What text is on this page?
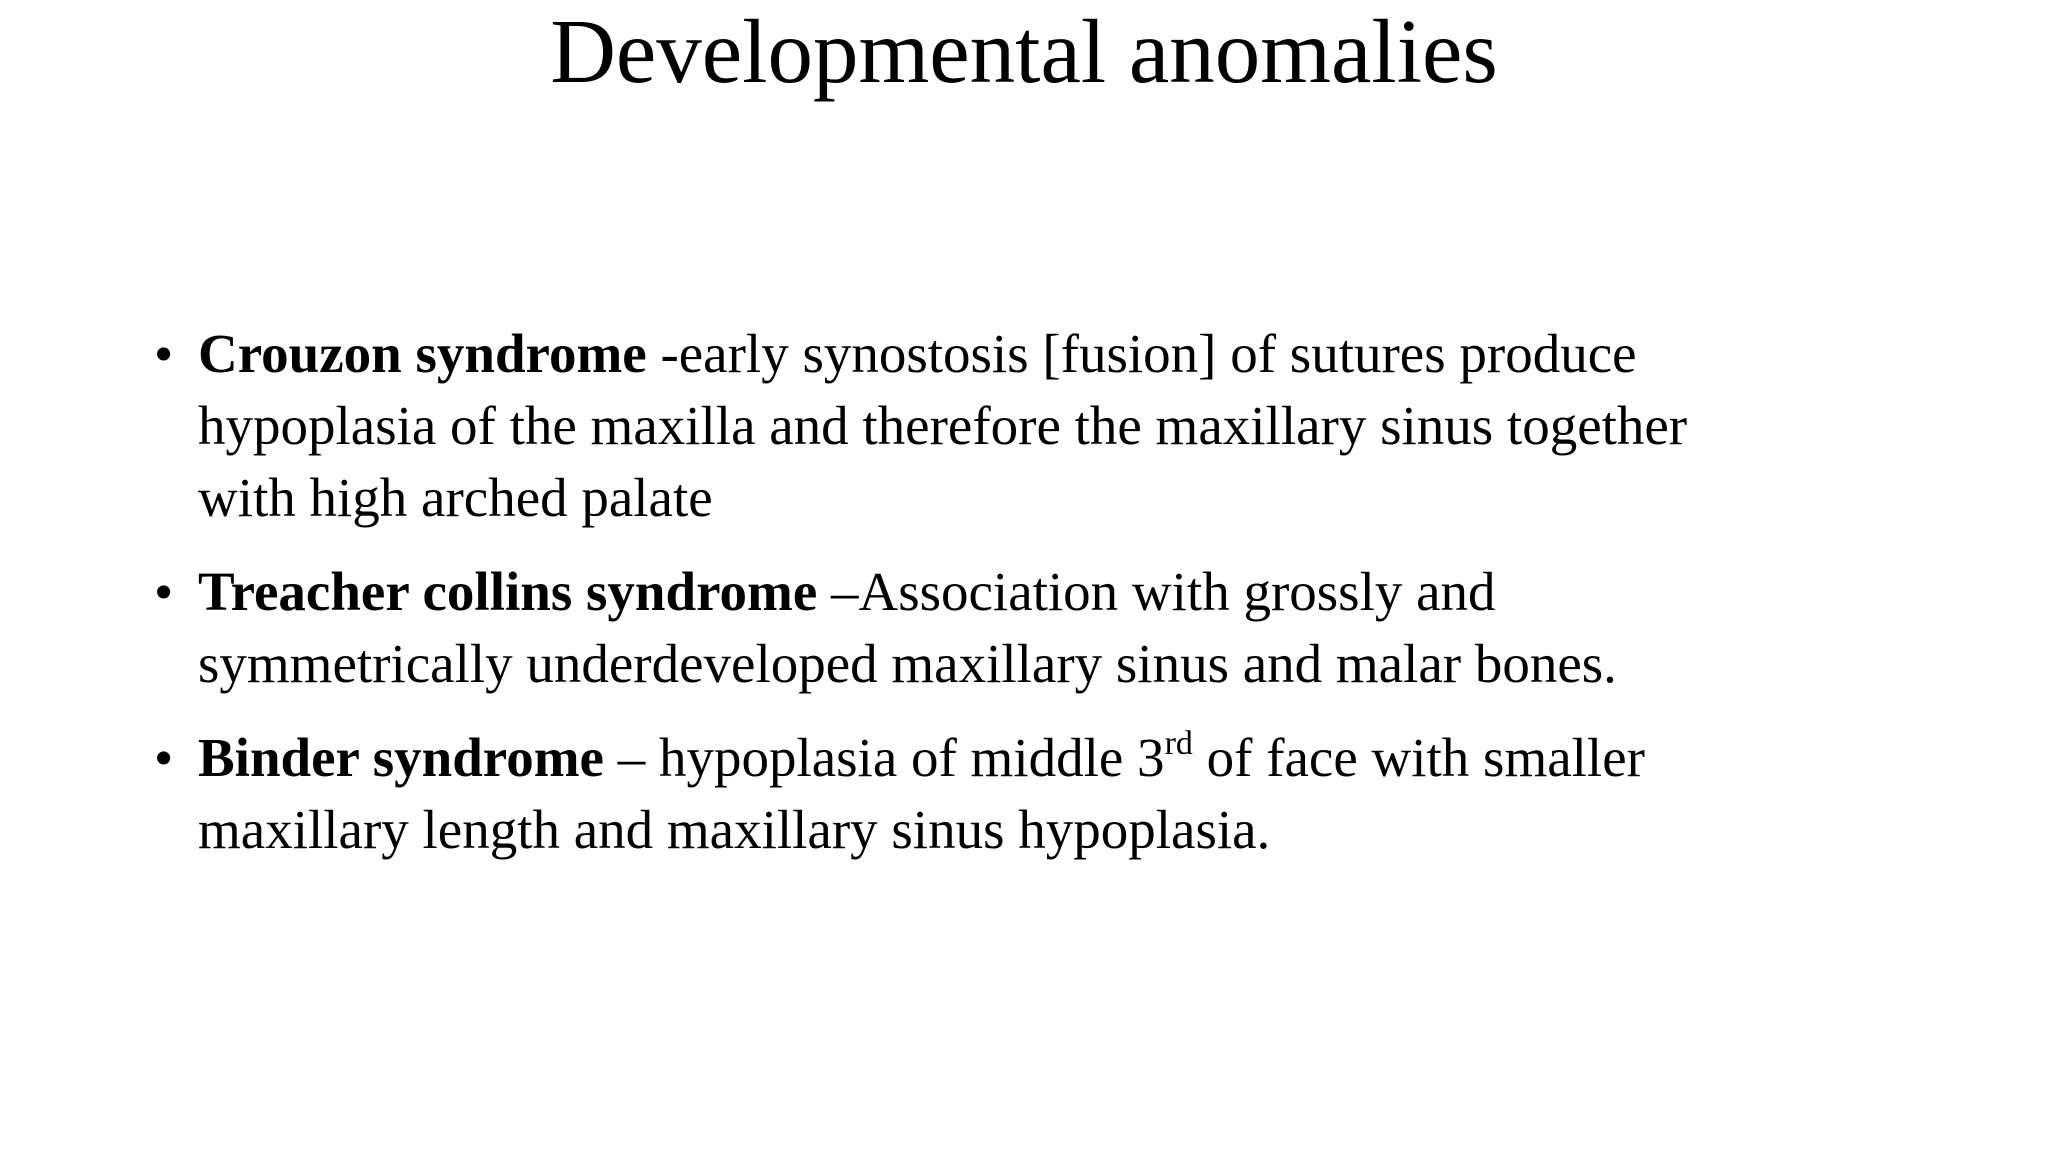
Developmental anomalies
• Crouzon syndrome -early synostosis [fusion] of sutures produce hypoplasia of the maxilla and therefore the maxillary sinus together with high arched palate
• Treacher collins syndrome –Association with grossly and symmetrically underdeveloped maxillary sinus and malar bones.
• Binder syndrome – hypoplasia of middle 3rd of face with smaller maxillary length and maxillary sinus hypoplasia.
